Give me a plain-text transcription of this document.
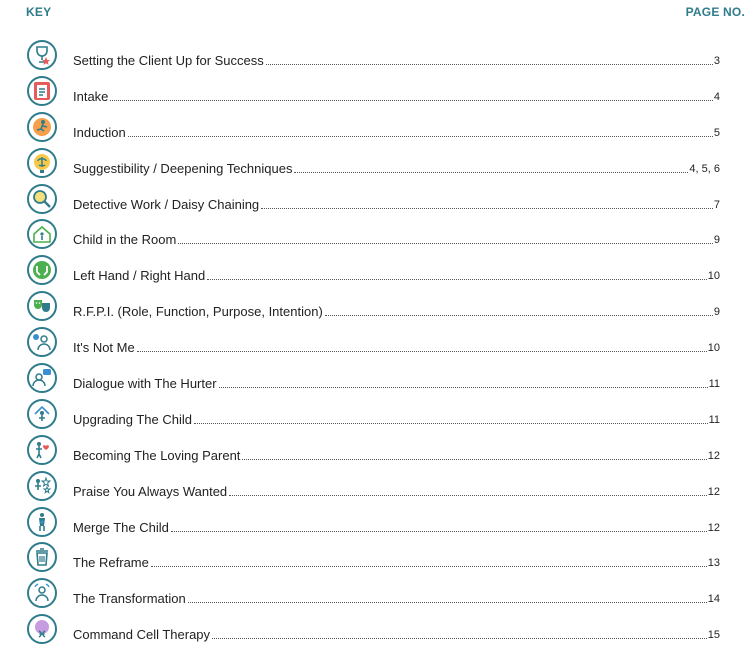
KEY	PAGE NO.
Setting the Client Up for Success	3
Intake	4
Induction	5
Suggestibility / Deepening Techniques	4, 5, 6
Detective Work / Daisy Chaining	7
Child in the Room	9
Left Hand / Right Hand	10
R.F.P.I. (Role, Function, Purpose, Intention)	9
It's Not Me	10
Dialogue with The Hurter	11
Upgrading The Child	11
Becoming The Loving Parent	12
Praise You Always Wanted	12
Merge The Child	12
The Reframe	13
The Transformation	14
Command Cell Therapy	15
